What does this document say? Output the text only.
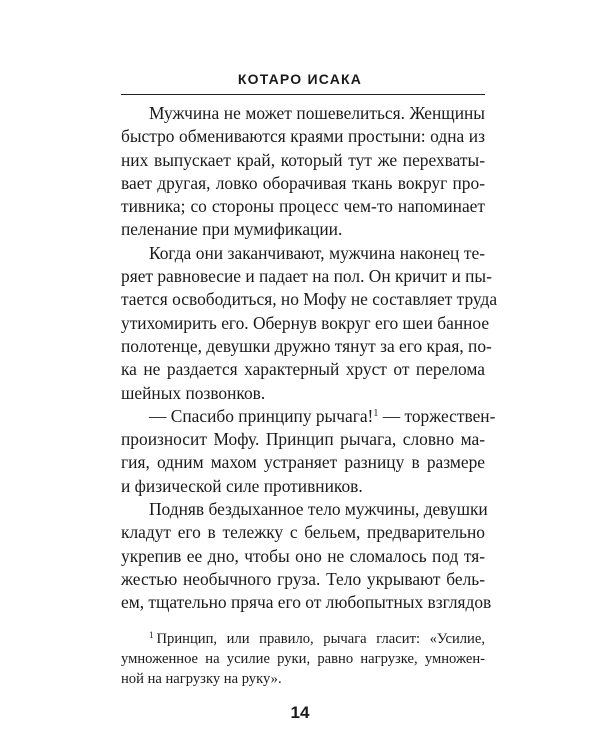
КОТАРО ИСАКА

Мужчина не может пошевелиться. Женщины
быстро обмениваются краями простыни: одна из
них выпускает край, который тут же перехваты-
вает другая, ловко оборачивая ткань вокруг про-
тивника; со стороны процесс чем-то напоминает
пеленание при мумификации.

Когда они заканчивают, мужчина наконец те-
ряет равновесие и падает на пол. Он кричит и пы-
тается освободиться, но Мофу не составляет труда
утихомирить его. Обернув вокруг его шеи банное
полотенце, девушки дружно тянут за его края, по-
ка не раздается характерный хруст от перелома
шейных позвонков.

— Спасибо принципу рычага!$^1$ — торжествен-
произносит Мофу. Принцип рычага, словно ма-
гия, одним махом устраняет разницу в размере
и физической силе противников.

Подняв бездыханное тело мужчины, девушки
кладут его в тележку с бельем, предварительно
укрепив ее дно, чтобы оно не сломалось под тя-
жестью необычного груза. Тело укрывают бель-
ем, тщательно пряча его от любопытных взглядов

$^1$ Принцип, или правило, рычага гласит: «Усилие,
умноженное на усилие руки, равно нагрузке, умножен-
ной на нагрузку на руку».
14
